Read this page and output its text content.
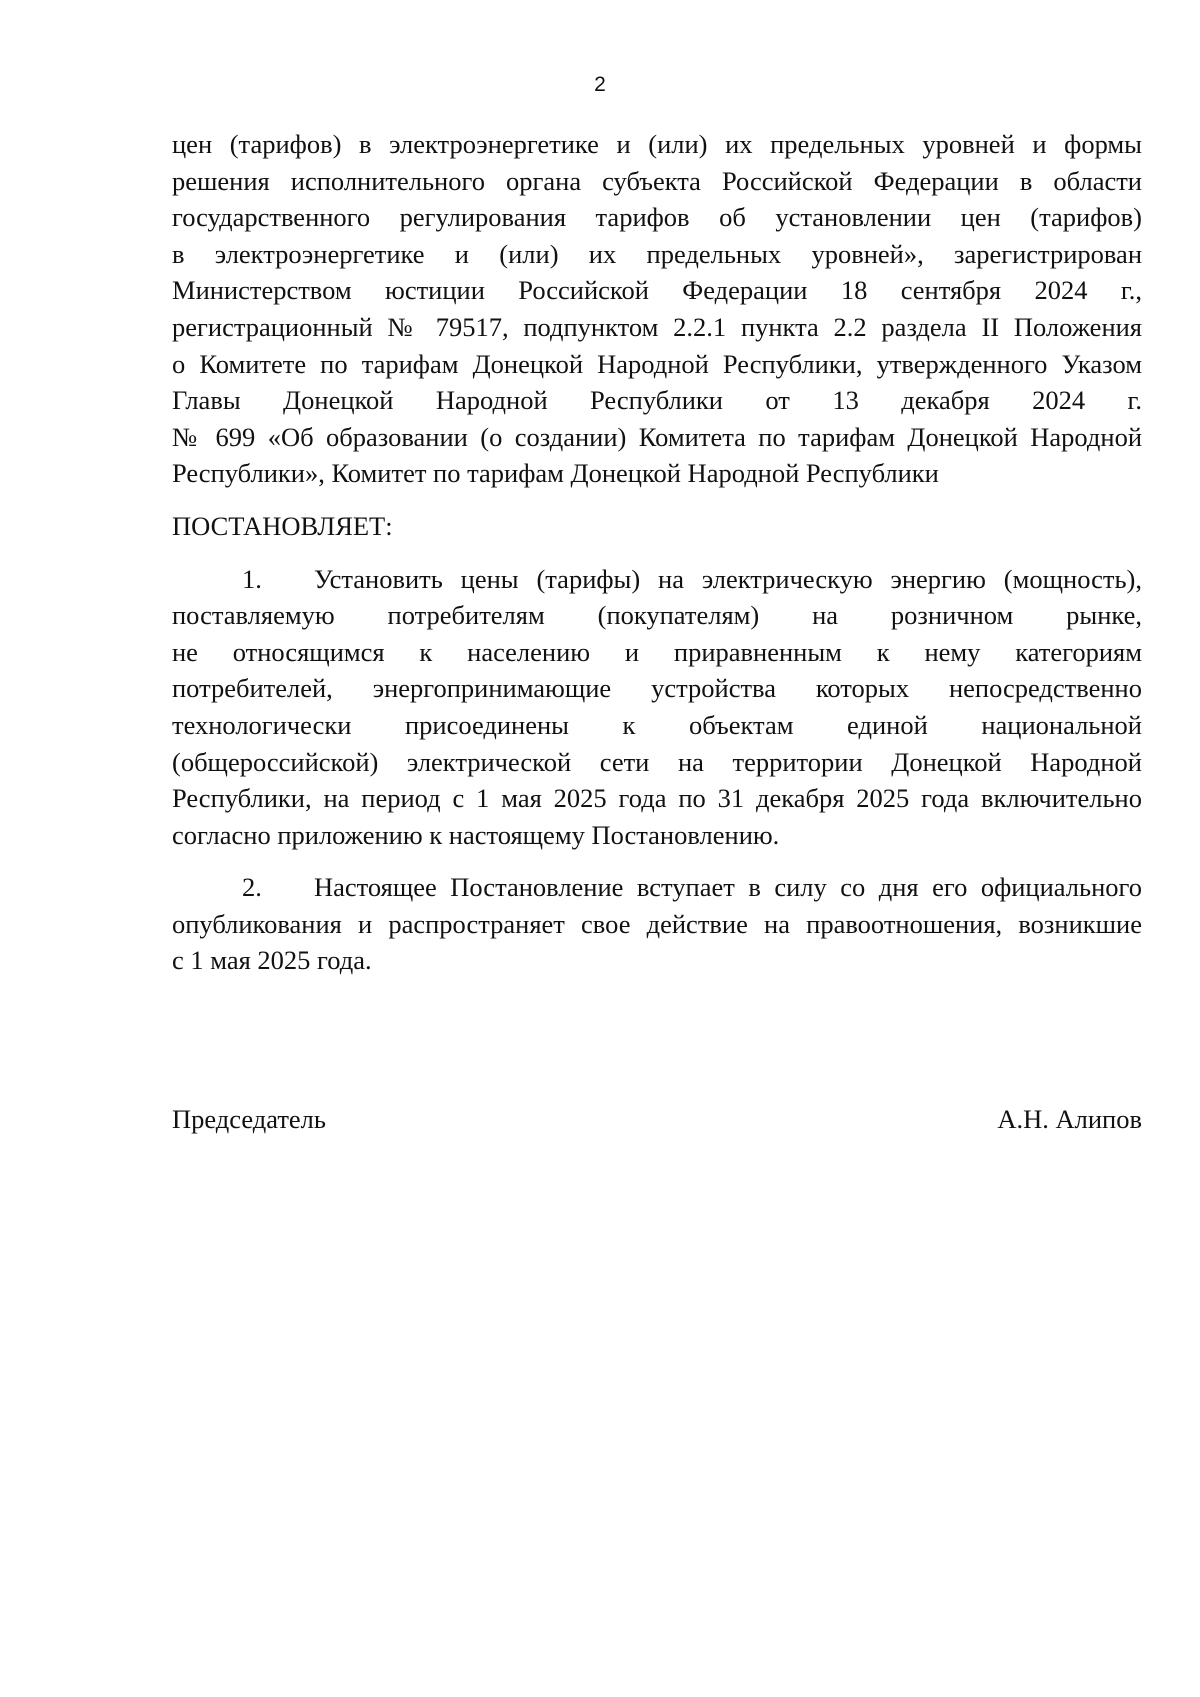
2
цен (тарифов) в электроэнергетике и (или) их предельных уровней и формы
решения исполнительного органа субъекта Российской Федерации в области
государственного регулирования тарифов об установлении цен (тарифов)
в электроэнергетике и (или) их предельных уровней», зарегистрирован
Министерством юстиции Российской Федерации 18 сентября 2024 г.,
регистрационный № 79517, подпунктом 2.2.1 пункта 2.2 раздела II Положения
о Комитете по тарифам Донецкой Народной Республики, утвержденного Указом
Главы Донецкой Народной Республики от 13 декабря 2024 г.
№ 699 «Об образовании (о создании) Комитета по тарифам Донецкой Народной
Республики», Комитет по тарифам Донецкой Народной Республики
ПОСТАНОВЛЯЕТ:
1.	Установить цены (тарифы) на электрическую энергию (мощность),
поставляемую потребителям (покупателям) на розничном рынке,
не относящимся к населению и приравненным к нему категориям
потребителей, энергопринимающие устройства которых непосредственно
технологически присоединены к объектам единой национальной
(общероссийской) электрической сети на территории Донецкой Народной
Республики, на период с 1 мая 2025 года по 31 декабря 2025 года включительно
согласно приложению к настоящему Постановлению.
2.	Настоящее Постановление вступает в силу со дня его официального
опубликования и распространяет свое действие на правоотношения, возникшие
с 1 мая 2025 года.
Председатель	А.Н. Алипов
